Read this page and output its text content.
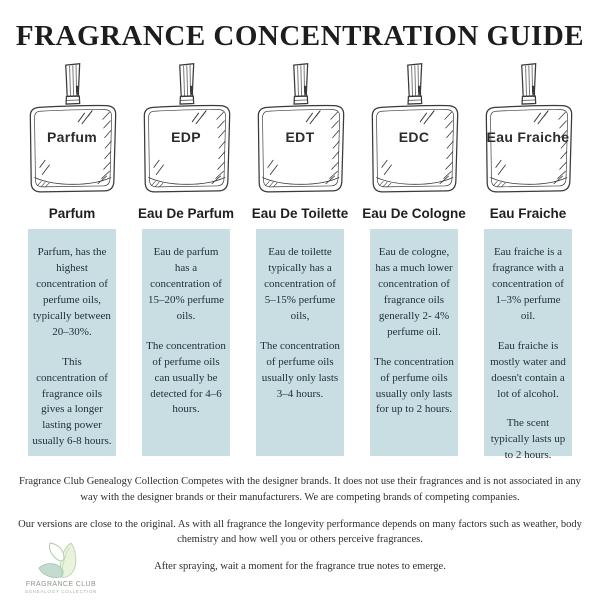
FRAGRANCE CONCENTRATION GUIDE
Parfum
Parfum

Parfum, has the highest concentration of perfume oils, typically between 20–30%.

This concentration of fragrance oils gives a longer lasting power usually 6-8 hours.

EDP
Eau De Parfum

Eau de parfum has a concentration of 15–20% perfume oils.

The concentration of perfume oils can usually be detected for 4–6 hours.

EDT
Eau De Toilette

Eau de toilette typically has a concentration of 5–15% perfume oils,

The concentration of perfume oils usually only lasts 3–4 hours.

EDC
Eau De Cologne

Eau de cologne, has a much lower concentration of fragrance oils generally 2- 4% perfume oil.

The concentration of perfume oils usually only lasts for up to 2 hours.

Eau Fraiche
Eau Fraiche

Eau fraiche is a fragrance with a concentration of 1–3% perfume oil.

Eau fraiche is mostly water and doesn't contain a lot of alcohol.

The scent typically lasts up to 2 hours.

Fragrance Club Genealogy Collection Competes with the designer brands. It does not use their fragrances and is not associated in any way with the designer brands or their manufacturers. We are competing brands of competing companies.

Our versions are close to the original. As with all fragrance the longevity performance depends on many factors such as weather, body chemistry and how well you or others perceive fragrances.

After spraying, wait a moment for the fragrance true notes to emerge.

FRAGRANCE CLUB
GENEALOGY COLLECTION
